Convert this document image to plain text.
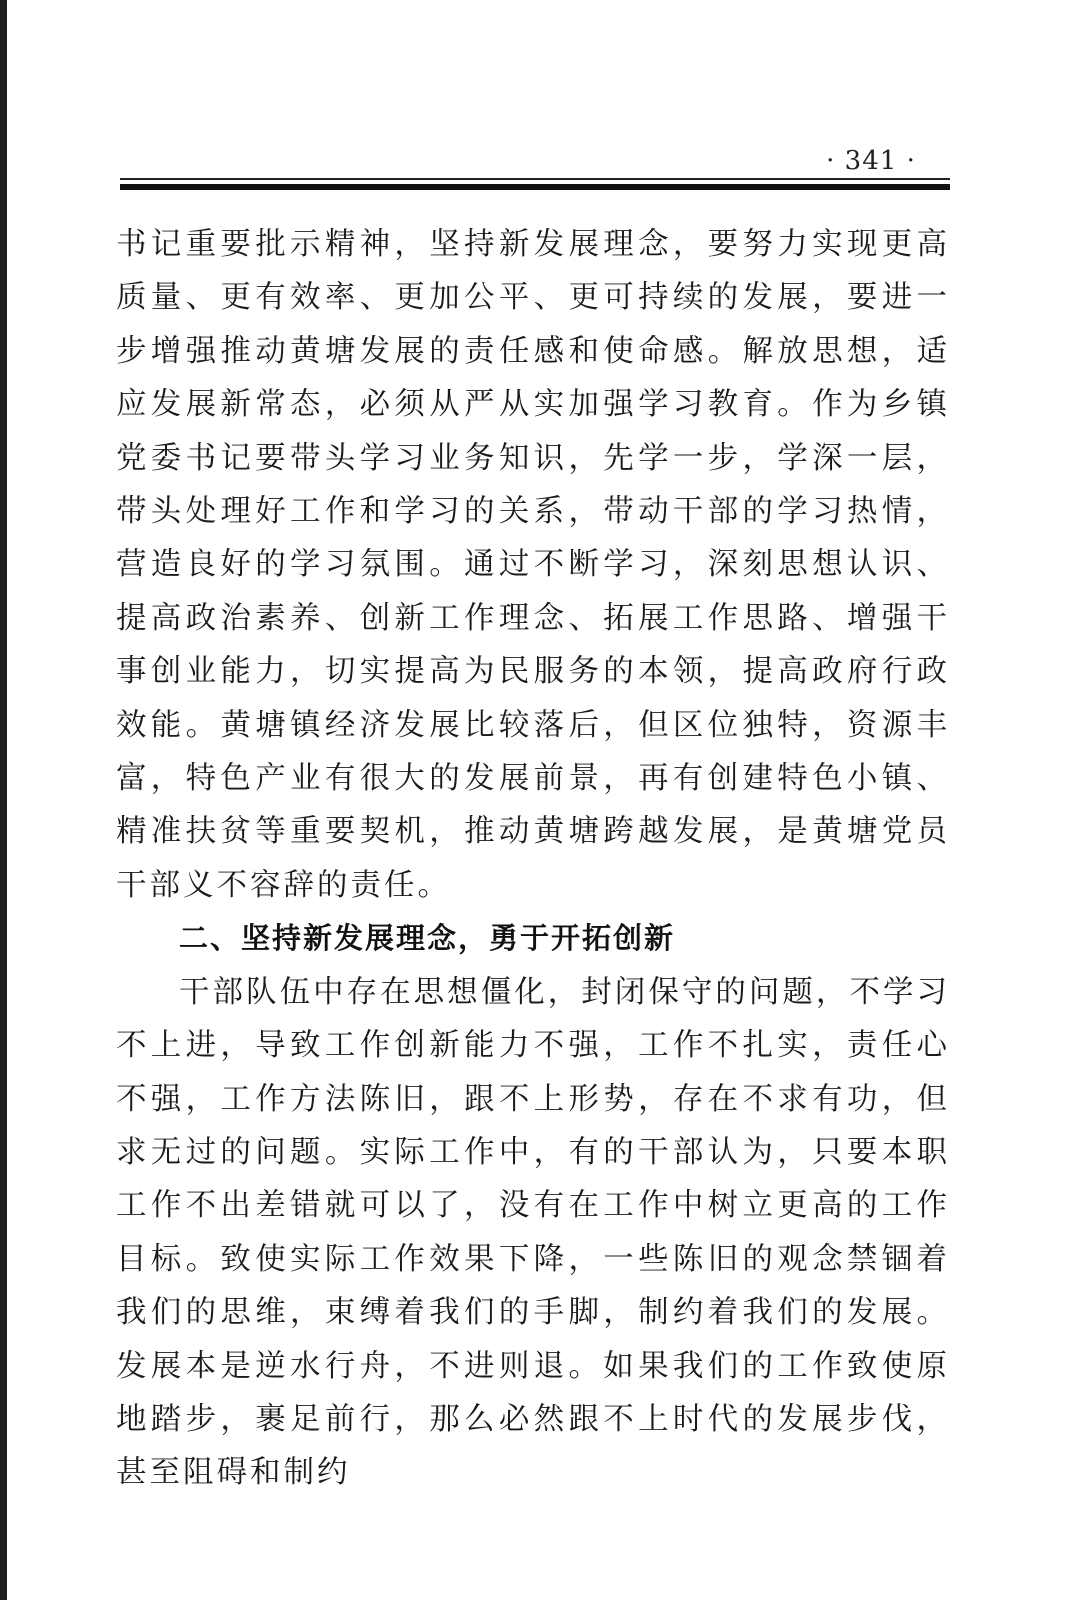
· 341 ·

书记重要批示精神，坚持新发展理念，要努力实现更高质量、更有效率、更加公平、更可持续的发展，要进一步增强推动黄塘发展的责任感和使命感。解放思想，适应发展新常态，必须从严从实加强学习教育。作为乡镇党委书记要带头学习业务知识，先学一步，学深一层，带头处理好工作和学习的关系，带动干部的学习热情，营造良好的学习氛围。通过不断学习，深刻思想认识、提高政治素养、创新工作理念、拓展工作思路、增强干事创业能力，切实提高为民服务的本领，提高政府行政效能。黄塘镇经济发展比较落后，但区位独特，资源丰富，特色产业有很大的发展前景，再有创建特色小镇、精准扶贫等重要契机，推动黄塘跨越发展，是黄塘党员干部义不容辞的责任。

二、坚持新发展理念，勇于开拓创新

干部队伍中存在思想僵化，封闭保守的问题，不学习不上进，导致工作创新能力不强，工作不扎实，责任心不强，工作方法陈旧，跟不上形势，存在不求有功，但求无过的问题。实际工作中，有的干部认为，只要本职工作不出差错就可以了，没有在工作中树立更高的工作目标。致使实际工作效果下降，一些陈旧的观念禁锢着我们的思维，束缚着我们的手脚，制约着我们的发展。发展本是逆水行舟，不进则退。如果我们的工作致使原地踏步，裹足前行，那么必然跟不上时代的发展步伐，甚至阻碍和制约
